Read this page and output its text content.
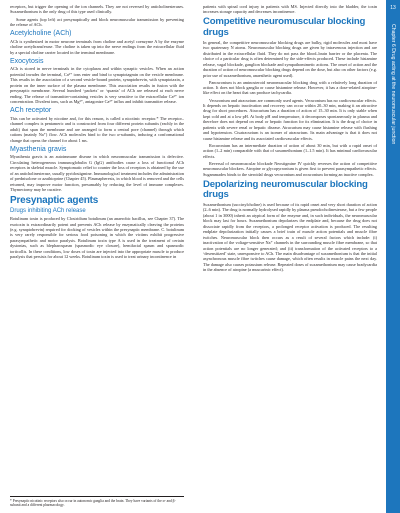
receptors, but trigger the opening of the ion channels. They are not reversed by anticholinesterases. Suxamethonium is the only drug of this type used clinically.

Some agents (top left) act presynaptically and block neuromuscular transmission by preventing the release of ACh.

Acetylcholine (ACh)

ACh is synthesised in motor neurone terminals from choline and acetyl coenzyme A by the enzyme choline acetyltransferase. The choline is taken up into the nerve endings from the extracellular fluid by a special choline carrier located in the terminal membrane.

Exocytosis

ACh is stored in nerve terminals in the cytoplasm and within synaptic vesicles. When an action potential invades the terminal, Ca²⁺ ions enter and bind to synaptotagmin on the vesicle membrane. This results in the association of a second vesicle-bound protein, synaptobrevin, with synaptotaxin, a protein on the inner surface of the plasma membrane. This association results in fusion with the presynaptic membrane. Several hundred ‘packets’ or ‘quanta’ of ACh are released at each nerve ending. The release of transmitter-containing vesicles is very sensitive to the extracellular Ca²⁺ ion concentration. Divalent ions, such as Mg²⁺, antagonize Ca²⁺ influx and inhibit transmitter release.

ACh receptor

This can be activated by nicotine and, for this reason, is called a nicotinic receptor.* The receptor–channel complex is pentameric and is constructed from four different protein subunits (eachly in the adult) that span the membrane and are arranged to form a central pore (channel) through which cations (mainly Na⁺) flow. ACh molecules bind to the two α-subunits, inducing a conformational change that opens the channel for about 1 ms.

Myasthenia gravis

Myasthenia gravis is an autoimmune disease in which neuromuscular transmission is defective. Circulating heterogeneous immunoglobulin G (IgG) antibodies cause a loss of functional ACh receptors in skeletal muscle. Symptomatic relief to counter the loss of receptors is obtained by the use of an anticholinesterase, usually pyridostigmine. Immunological treatment includes the administration of prednisolone or azathioprine (Chapter 45). Plasmapheresis, in which blood is removed and the cells returned, may improve motor function, presumably by reducing the level of immune complexes. Thymectomy may be curative.

Presynaptic agents
Drugs inhibiting ACh release

Botulinum toxin is produced by Clostridium botulinum (an anaerobic bacillus, see Chapter 37). The exotoxin is extraordinarily potent and prevents ACh release by enzymatically cleaving the proteins (e.g. synaptobrevin) required for docking of vesicles within the presynaptic membrane. C. botulinum is very rarely responsible for serious food poisoning in which the victims exhibit progressive parasympathetic and motor paralysis. Botulinum toxin type A is used in the treatment of certain dystonias, such as blepharospasm (spasmodic eye closure), hemifacial spasm and spasmodic torticollis. In these conditions, low doses of toxin are injected into the appropriate muscle to produce paralysis that persists for about 12 weeks. Botulinum toxin is used to treat urinary incontinence in

* Presynaptic nicotinic receptors also occur in autonomic ganglia and the brain. They have variants of the α- and β-subunit and a different pharmacology.

patients with spinal cord injury in patients with MS. Injected directly into the bladder, the toxin increases storage capacity and decreases incontinence.

Competitive neuromuscular blocking drugs

In general, the competitive neuromuscular blocking drugs are bulky, rigid molecules and most have two quaternary N atoms. Neuromuscular blocking drugs are given by intravenous injection and are distributed in the extracellular fluid. They do not pass the blood–brain barrier or the placenta. The choice of a particular drug is often determined by the side-effects produced. These include histamine release, vagal blockade, ganglion blockade and sympathomimetic actions. The onset of action and the duration of action of neuromuscular blocking drugs depend on the dose, but also on other factors (e.g. prior use of suxamethonium, anaesthetic agent used).

Pancuronium is an aminosteroid neuromuscular blocking drug with a relatively long duration of action. It does not block ganglia or cause histamine release. However, it has a dose-related atropine-like effect on the heart that can produce tachycardia.

Vecuronium and atracurium are commonly used agents. Vecuronium has no cardiovascular effects. It depends on hepatic inactivation and recovery can occur within 20–30 min, making it an attractive drug for short procedures. Atracurium has a duration of action of 15–30 min. It is only stable when kept cold and at a low pH. At body pH and temperature, it decomposes spontaneously in plasma and therefore does not depend on renal or hepatic function for its elimination. It is the drug of choice in patients with severe renal or hepatic disease. Atracurium may cause histamine release with flushing and hypotension. Cisatracurium is an isomer of atracurium. Its main advantage is that it does not cause histamine release and its associated cardiovascular effects.

Rocuronium has an intermediate duration of action of about 30 min, but with a rapid onset of action (1–2 min) comparable with that of suxamethonium (1–1.5 min). It has minimal cardiovascular effects.

Reversal of neuromuscular blockade Neostigmine IV quickly reverses the action of competitive neuromuscular blockers. Atropine or glycopyrronium is given first to prevent parasympathetic effects. Sugammadex binds to the steroidal drugs vecuronium and rocuronium forming an inactive complex.

Depolarizing neuromuscular blocking drugs

Suxamethonium (succinylcholine) is used because of its rapid onset and very short duration of action (2–6 min). The drug is normally hydrolysed rapidly by plasma pseudocholinesterase, but a few people (about 1 in 3000) inherit an atypical form of the enzyme and, in such individuals, the neuromuscular block may last for hours. Suxamethonium depolarizes the endplate and, because the drug does not dissociate rapidly from the receptors, a prolonged receptor activation is produced. The resulting endplate depolarization initially causes a brief train of muscle action potentials and muscle fibre twitches. Neuromuscular block then occurs as a result of several factors which include: (i) inactivation of the voltage-sensitive Na⁺ channels in the surrounding muscle fibre membrane, so that action potentials are no longer generated; and (ii) transformation of the activated receptors to a ‘desensitized’ state, unresponsive to ACh. The main disadvantage of suxamethonium is that the initial asynchronous muscle fibre twitches cause damage, which often results in muscle pains the next day. The damage also causes potassium release. Repeated doses of suxamethonium may cause bradycardia in the absence of atropine (a muscarinic effect).

13
Chapter 6 Drug acting at the neuromuscular junction
